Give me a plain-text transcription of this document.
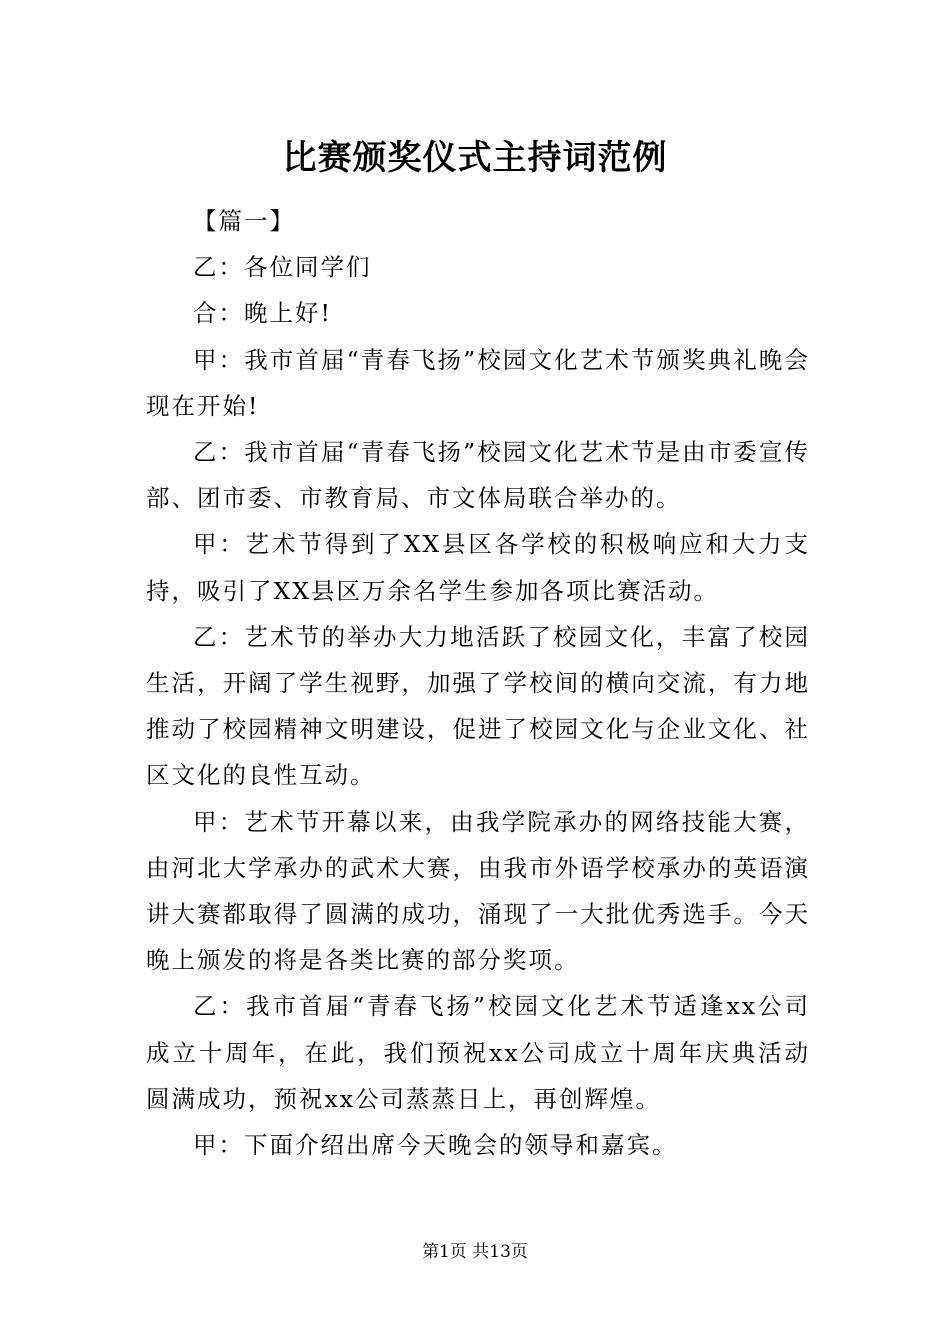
比赛颁奖仪式主持词范例

【篇一】

乙：各位同学们

合：晚上好!

甲：我市首届“青春飞扬”校园文化艺术节颁奖典礼晚会现在开始!

乙：我市首届“青春飞扬”校园文化艺术节是由市委宣传部、团市委、市教育局、市文体局联合举办的。

甲：艺术节得到了XX县区各学校的积极响应和大力支持，吸引了XX县区万余名学生参加各项比赛活动。

乙：艺术节的举办大力地活跃了校园文化，丰富了校园生活，开阔了学生视野，加强了学校间的横向交流，有力地推动了校园精神文明建设，促进了校园文化与企业文化、社区文化的良性互动。

甲：艺术节开幕以来，由我学院承办的网络技能大赛，由河北大学承办的武术大赛，由我市外语学校承办的英语演讲大赛都取得了圆满的成功，涌现了一大批优秀选手。今天晚上颁发的将是各类比赛的部分奖项。

乙：我市首届“青春飞扬”校园文化艺术节适逢xx公司成立十周年，在此，我们预祝xx公司成立十周年庆典活动圆满成功，预祝xx公司蒸蒸日上，再创辉煌。

甲：下面介绍出席今天晚会的领导和嘉宾。

第1页 共13页
